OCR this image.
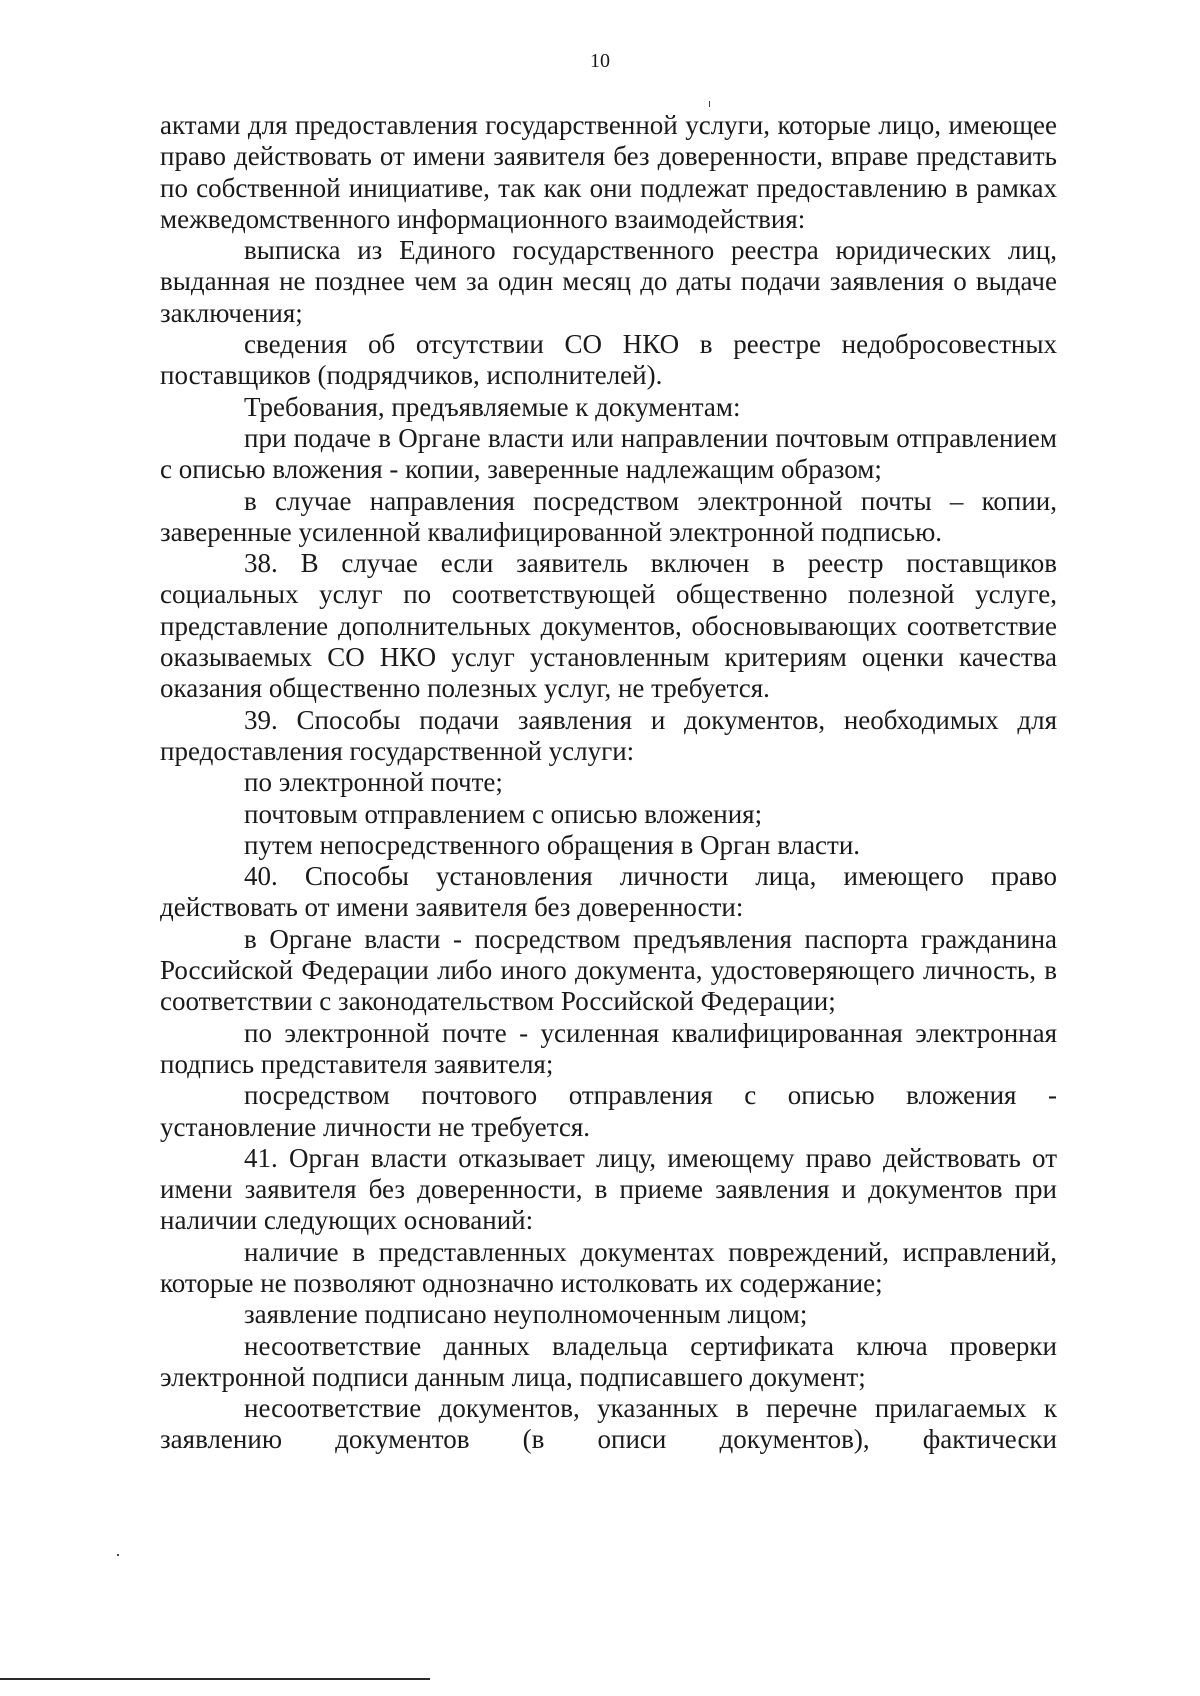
10

актами для предоставления государственной услуги, которые лицо, имеющее право действовать от имени заявителя без доверенности, вправе представить по собственной инициативе, так как они подлежат предоставлению в рамках межведомственного информационного взаимодействия:

выписка из Единого государственного реестра юридических лиц, выданная не позднее чем за один месяц до даты подачи заявления о выдаче заключения;

сведения об отсутствии СО НКО в реестре недобросовестных поставщиков (подрядчиков, исполнителей).

Требования, предъявляемые к документам:

при подаче в Органе власти или направлении почтовым отправлением с описью вложения - копии, заверенные надлежащим образом;

в случае направления посредством электронной почты – копии, заверенные усиленной квалифицированной электронной подписью.

38. В случае если заявитель включен в реестр поставщиков социальных услуг по соответствующей общественно полезной услуге, представление дополнительных документов, обосновывающих соответствие оказываемых СО НКО услуг установленным критериям оценки качества оказания общественно полезных услуг, не требуется.

39. Способы подачи заявления и документов, необходимых для предоставления государственной услуги:

по электронной почте;

почтовым отправлением с описью вложения;

путем непосредственного обращения в Орган власти.

40. Способы установления личности лица, имеющего право действовать от имени заявителя без доверенности:

в Органе власти - посредством предъявления паспорта гражданина Российской Федерации либо иного документа, удостоверяющего личность, в соответствии с законодательством Российской Федерации;

по электронной почте - усиленная квалифицированная электронная подпись представителя заявителя;

посредством почтового отправления с описью вложения - установление личности не требуется.

41. Орган власти отказывает лицу, имеющему право действовать от имени заявителя без доверенности, в приеме заявления и документов при наличии следующих оснований:

наличие в представленных документах повреждений, исправлений, которые не позволяют однозначно истолковать их содержание;

заявление подписано неуполномоченным лицом;

несоответствие данных владельца сертификата ключа проверки электронной подписи данным лица, подписавшего документ;

несоответствие документов, указанных в перечне прилагаемых к заявлению документов (в описи документов), фактически
